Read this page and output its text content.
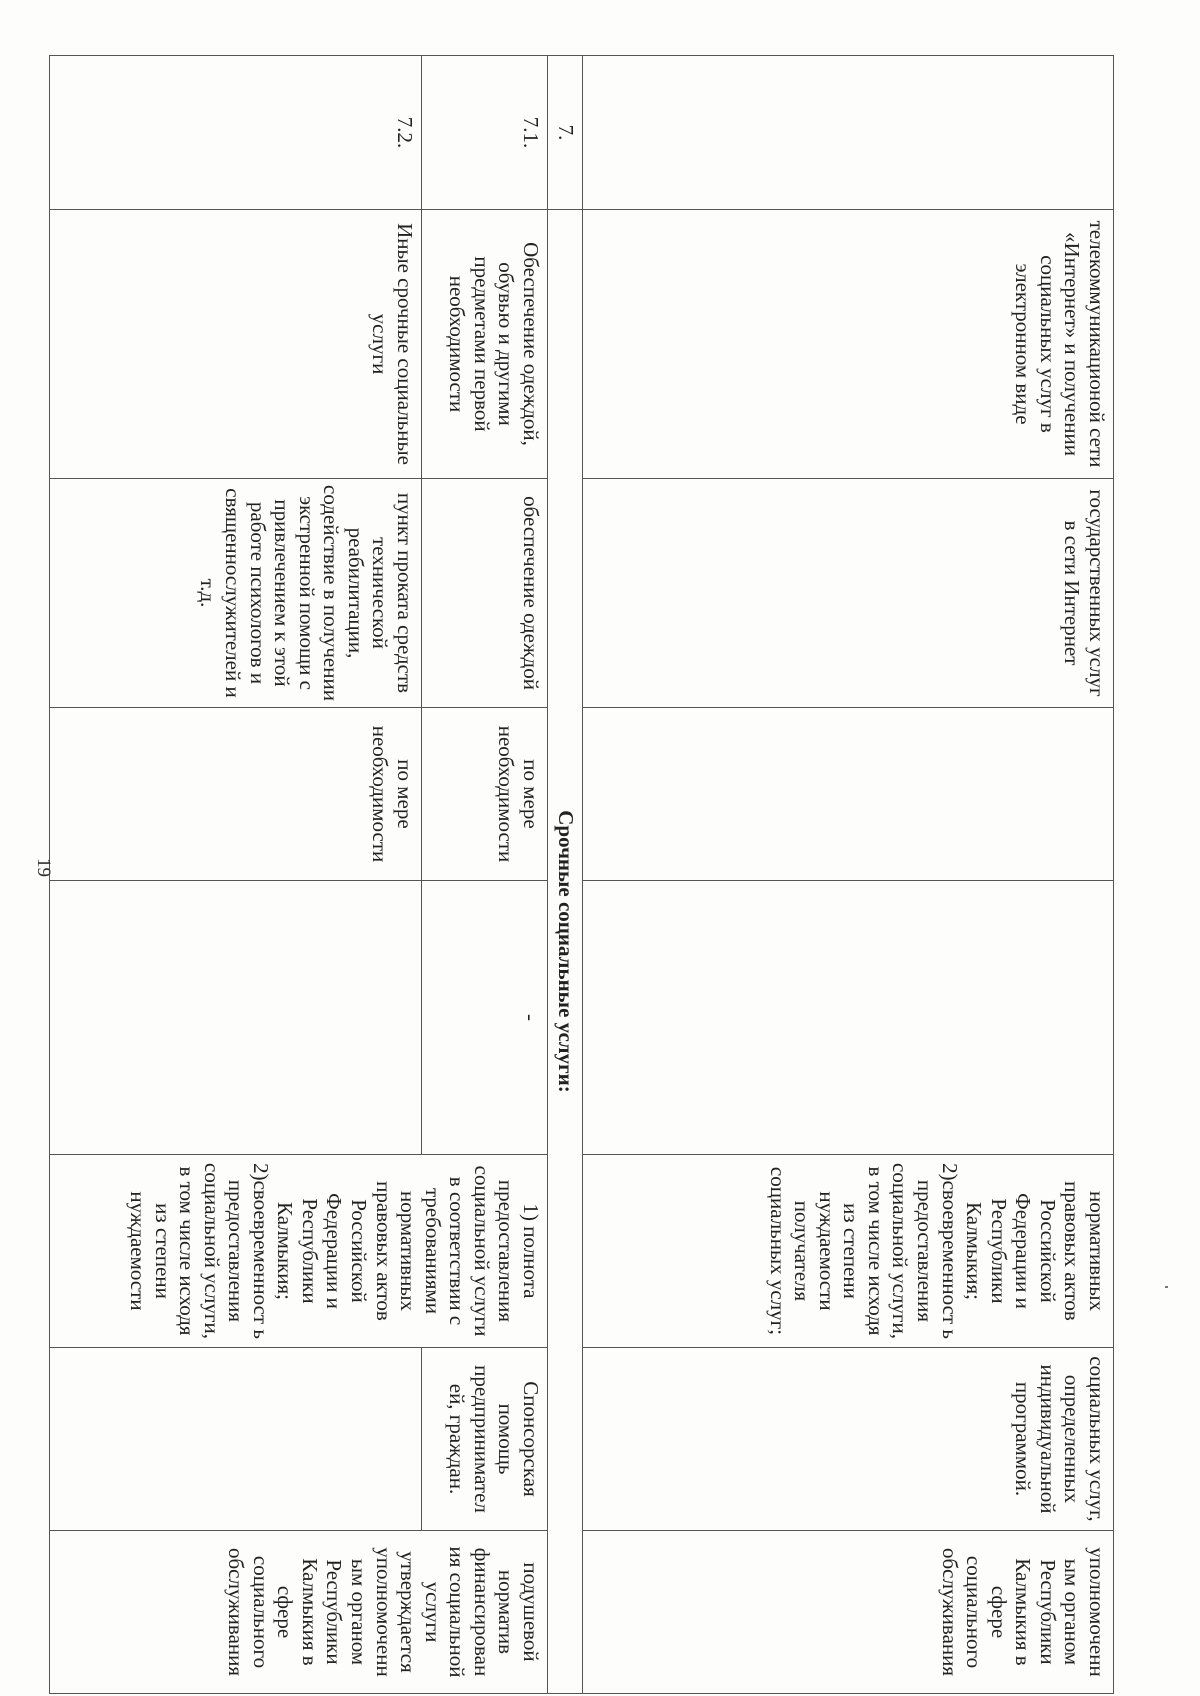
	телекоммуникационой сети «Интернет» и получении социальных услуг в электронном виде	государственных услуг в сети Интернет			нормативных правовых актов Российской Федерации и Республики Калмыкия; 2)своевременност ь предоставления социальной услуги, в том числе исходя из степени нуждаемости получателя социальных услуг;	социальных услуг, определенных индивидуальной программой.	уполномоченн ым органом Республики Калмыкия в сфере социального обслуживания
7.	Срочные социальные услуги:						
7.1.	Обеспечение одеждой, обувью и другими предметами первой необходимости	обеспечение одеждой	по мере необходимости	-	1) полнота предоставления социальной услуги в соответствии с требованиями нормативных правовых актов Российской Федерации и Республики Калмыкия; 2)своевременност ь предоставления социальной услуги, в том числе исходя из степени нуждаемости	Спонсорская помощь предпринимател ей, граждан.	подушевой норматив финансирован ия социальной услуги утверждается уполномоченн ым органом Республики Калмыкия в сфере социального обслуживания
7.2.	Иные срочные социальные услуги	пункт проката средств технической реабилитации, содействие в получении экстренной помощи с привлечением к этой работе психологов и священнослужителей и т.д.	по мере необходимости				
19
